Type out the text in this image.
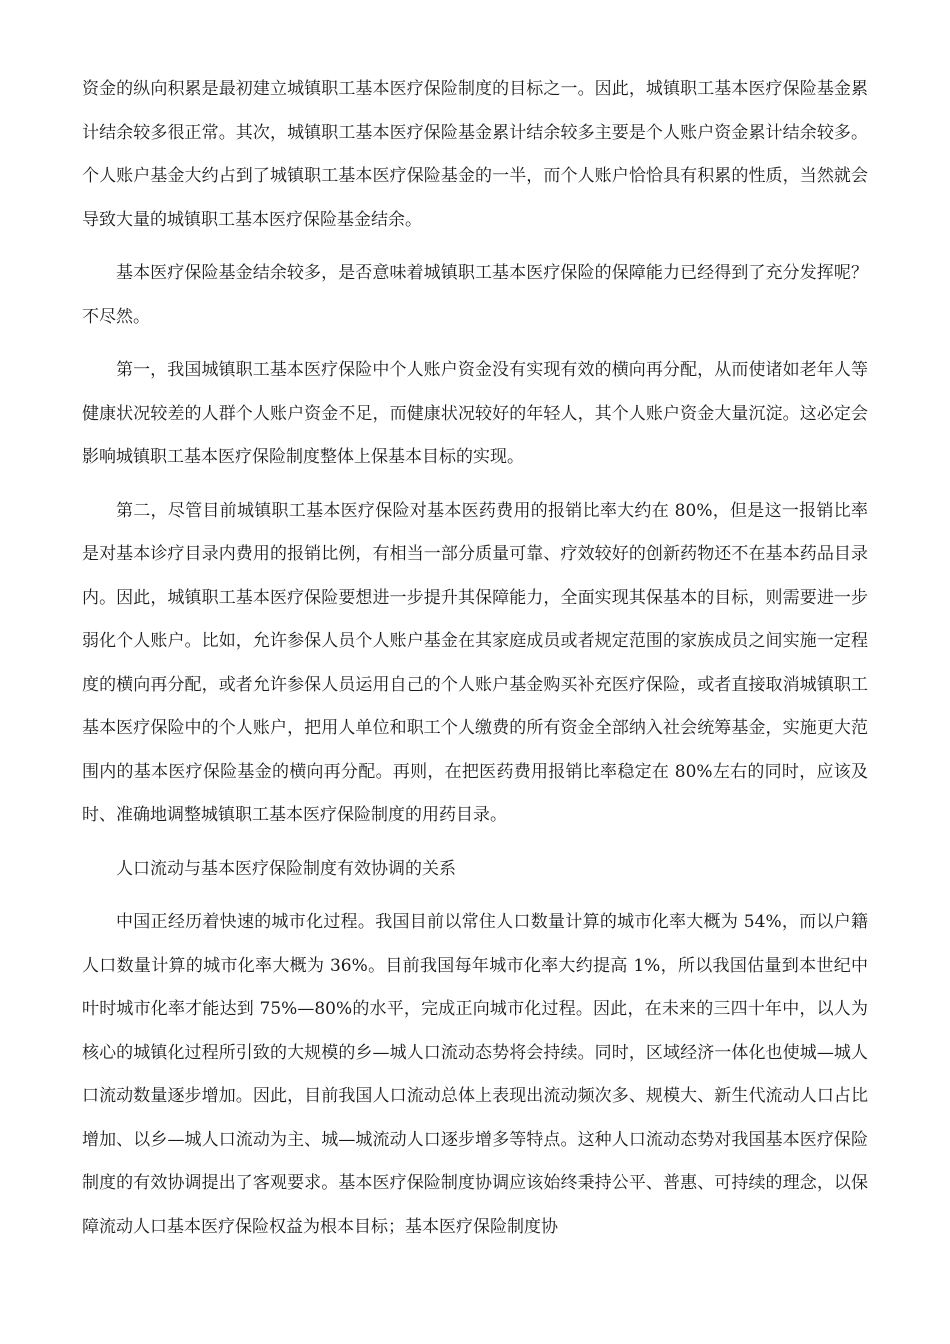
资金的纵向积累是最初建立城镇职工基本医疗保险制度的目标之一。因此，城镇职工基本医疗保险基金累计结余较多很正常。其次，城镇职工基本医疗保险基金累计结余较多主要是个人账户资金累计结余较多。个人账户基金大约占到了城镇职工基本医疗保险基金的一半，而个人账户恰恰具有积累的性质，当然就会导致大量的城镇职工基本医疗保险基金结余。

基本医疗保险基金结余较多，是否意味着城镇职工基本医疗保险的保障能力已经得到了充分发挥呢？不尽然。

第一，我国城镇职工基本医疗保险中个人账户资金没有实现有效的横向再分配，从而使诸如老年人等健康状况较差的人群个人账户资金不足，而健康状况较好的年轻人，其个人账户资金大量沉淀。这必定会影响城镇职工基本医疗保险制度整体上保基本目标的实现。

第二，尽管目前城镇职工基本医疗保险对基本医药费用的报销比率大约在 80%，但是这一报销比率是对基本诊疗目录内费用的报销比例，有相当一部分质量可靠、疗效较好的创新药物还不在基本药品目录内。因此，城镇职工基本医疗保险要想进一步提升其保障能力，全面实现其保基本的目标，则需要进一步弱化个人账户。比如，允许参保人员个人账户基金在其家庭成员或者规定范围的家族成员之间实施一定程度的横向再分配，或者允许参保人员运用自己的个人账户基金购买补充医疗保险，或者直接取消城镇职工基本医疗保险中的个人账户，把用人单位和职工个人缴费的所有资金全部纳入社会统筹基金，实施更大范围内的基本医疗保险基金的横向再分配。再则，在把医药费用报销比率稳定在 80%左右的同时，应该及时、准确地调整城镇职工基本医疗保险制度的用药目录。

人口流动与基本医疗保险制度有效协调的关系

中国正经历着快速的城市化过程。我国目前以常住人口数量计算的城市化率大概为 54%，而以户籍人口数量计算的城市化率大概为 36%。目前我国每年城市化率大约提高 1%，所以我国估量到本世纪中叶时城市化率才能达到 75%—80%的水平，完成正向城市化过程。因此，在未来的三四十年中，以人为核心的城镇化过程所引致的大规模的乡—城人口流动态势将会持续。同时，区域经济一体化也使城—城人口流动数量逐步增加。因此，目前我国人口流动总体上表现出流动频次多、规模大、新生代流动人口占比增加、以乡—城人口流动为主、城—城流动人口逐步增多等特点。这种人口流动态势对我国基本医疗保险制度的有效协调提出了客观要求。基本医疗保险制度协调应该始终秉持公平、普惠、可持续的理念，以保障流动人口基本医疗保险权益为根本目标；基本医疗保险制度协
